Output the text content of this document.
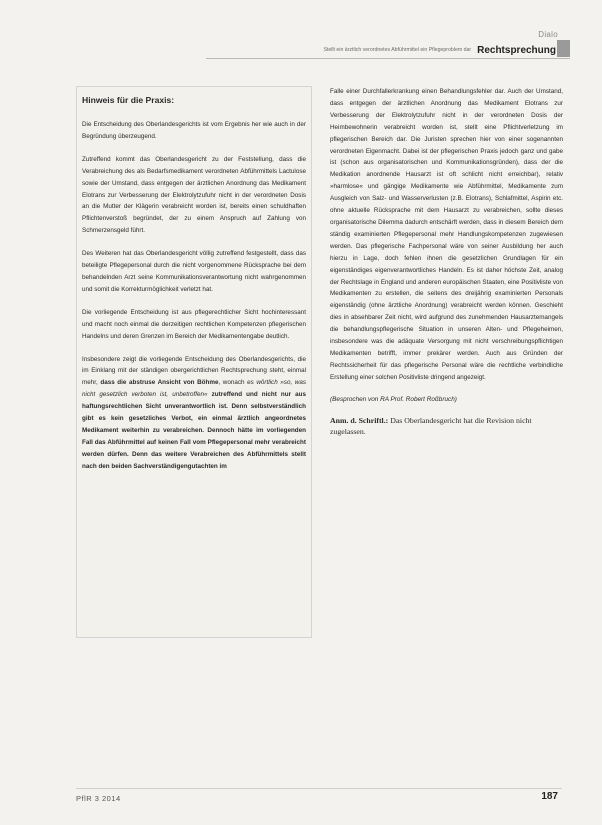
Dialo
Stellt ein ärztlich verordnetes Abführmittel ein Pflegeproblem dar Rechtsprechung

Hinweis für die Praxis:

Die Entscheidung des Oberlandesgerichts ist vom Ergebnis her wie auch in der Begründung überzeugend.

Zutreffend kommt das Oberlandesgericht zu der Feststellung, dass die Verabreichung des als Bedarfsmedikament verordneten Abführmittels Lactulose sowie der Umstand, dass entgegen der ärztlichen Anordnung das Medikament Elotrans zur Verbesserung der Elektrolytzufuhr nicht in der verordneten Dosis an die Mutter der Klägerin verabreicht worden ist, bereits einen schuldhaften Pflichtenverstoß begründet, der zu einem Anspruch auf Zahlung von Schmerzensgeld führt.

Des Weiteren hat das Oberlandesgericht völlig zutreffend festgestellt, dass das beteiligte Pflegepersonal durch die nicht vorgenommene Rücksprache bei dem behandelnden Arzt seine Kommunikationsverantwortung nicht wahrgenommen und somit die Korrekturmöglichkeit verletzt hat.

Die vorliegende Entscheidung ist aus pflegerechtlicher Sicht hochinteressant und macht noch einmal die derzeitigen rechtlichen Kompetenzen pflegerischen Handelns und deren Grenzen im Bereich der Medikamentengabe deutlich.

Insbesondere zeigt die vorliegende Entscheidung des Oberlandesgerichts, die im Einklang mit der ständigen obergerichtlichen Rechtsprechung steht, einmal mehr, dass die abstruse Ansicht von Böhme, wonach es wörtlich »so, was nicht gesetzlich verboten ist, unbetroffen« zutreffend und nicht nur aus haftungsrechtlichen Sicht unverantwortlich ist. Denn selbstverständlich gibt es kein gesetzliches Verbot, ein einmal ärztlich angeordnetes Medikament weiterhin zu verabreichen. Dennoch hätte im vorliegenden Fall das Abführmittel auf keinen Fall vom Pflegepersonal mehr verabreicht werden dürfen. Denn das weitere Verabreichen des Abführmittels stellt nach den beiden Sachverständigengutachten im

Falle einer Durchfallerkrankung einen Behandlungsfehler dar. Auch der Umstand, dass entgegen der ärztlichen Anordnung das Medikament Elotrans zur Verbesserung der Elektrolytzufuhr nicht in der verordneten Dosis der Heimbewohnerin verabreicht worden ist, stellt eine Pflichtverletzung im pflegerischen Bereich dar. Die Juristen sprechen hier von einer sogenannten verordneten Eigenmacht. Dabei ist der pflegerischen Praxis jedoch ganz und gabe ist (schon aus organisatorischen und Kommunikationsgründen), dass der die Medikation anordnende Hausarzt ist oft schlicht nicht erreichbar), relativ »harmlose« und gängige Medikamente wie Abführmittel, Medikamente zum Ausgleich von Salz- und Wasserverlusten (z.B. Elotrans), Schlafmittel, Aspirin etc. ohne aktuelle Rücksprache mit dem Hausarzt zu verabreichen, sollte dieses organisatorische Dilemma dadurch entschärft werden, dass in diesem Bereich dem ständig examinierten Pflegepersonal mehr Handlungskompetenzen zugewiesen werden. Das pflegerische Fachpersonal wäre von seiner Ausbildung her auch hierzu in Lage, doch fehlen ihnen die gesetzlichen Grundlagen für ein eigenständiges eigenverantwortliches Handeln. Es ist daher höchste Zeit, analog der Rechtslage in England und anderen europäischen Staaten, eine Positivliste von Medikamenten zu erstellen, die seitens des dreijährig examinierten Personals eigenständig (ohne ärztliche Anordnung) verabreicht werden können. Geschieht dies in absehbarer Zeit nicht, wird aufgrund des zunehmenden Hausarztemangels die behandlungspflegerische Situation in unseren Alten- und Pflegeheimen, insbesondere was die adäquate Versorgung mit nicht verschreibungspflichtigen Medikamenten betrifft, immer prekärer werden. Auch aus Gründen der Rechtssicherheit für das pflegerische Personal wäre die rechtliche verbindliche Erstellung einer solchen Positivliste dringend angezeigt.

(Besprochen von RA Prof. Robert Roßbruch)

Anm. d. Schriftl.: Das Oberlandesgericht hat die Revision nicht zugelassen.
PflR 3 2014	187
